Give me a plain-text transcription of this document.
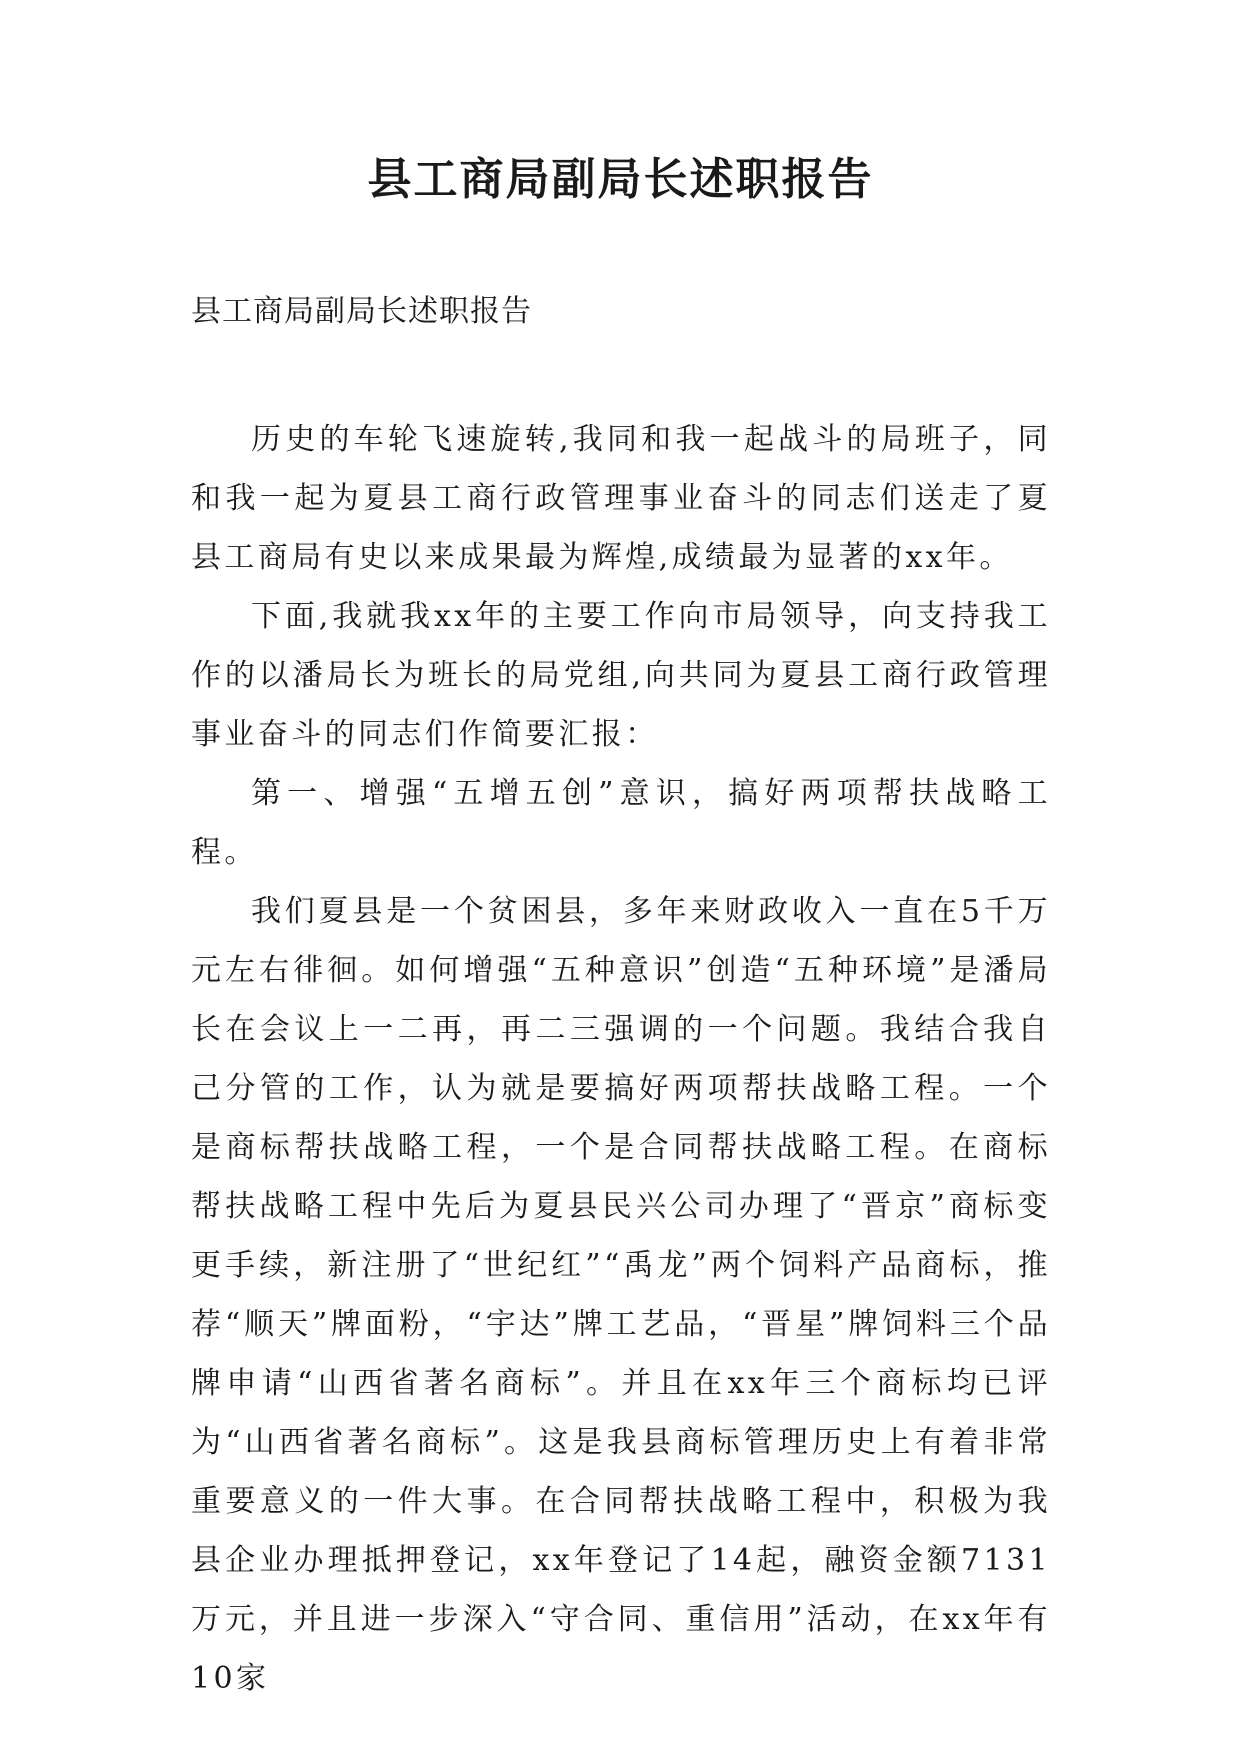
县工商局副局长述职报告

县工商局副局长述职报告

历史的车轮飞速旋转,我同和我一起战斗的局班子，同和我一起为夏县工商行政管理事业奋斗的同志们送走了夏县工商局有史以来成果最为辉煌,成绩最为显著的xx年。

下面,我就我xx年的主要工作向市局领导，向支持我工作的以潘局长为班长的局党组,向共同为夏县工商行政管理事业奋斗的同志们作简要汇报：

第一、增强“五增五创”意识，搞好两项帮扶战略工程。

我们夏县是一个贫困县，多年来财政收入一直在5千万元左右徘徊。如何增强“五种意识”创造“五种环境”是潘局长在会议上一二再，再二三强调的一个问题。我结合我自己分管的工作，认为就是要搞好两项帮扶战略工程。一个是商标帮扶战略工程，一个是合同帮扶战略工程。在商标帮扶战略工程中先后为夏县民兴公司办理了“晋京”商标变更手续，新注册了“世纪红”“禹龙”两个饲料产品商标，推荐“顺天”牌面粉，“宇达”牌工艺品，“晋星”牌饲料三个品牌申请“山西省著名商标”。并且在xx年三个商标均已评为“山西省著名商标”。这是我县商标管理历史上有着非常重要意义的一件大事。在合同帮扶战略工程中，积极为我县企业办理抵押登记，xx年登记了14起，融资金额7131万元，并且进一步深入“守合同、重信用”活动，在xx年有10家
